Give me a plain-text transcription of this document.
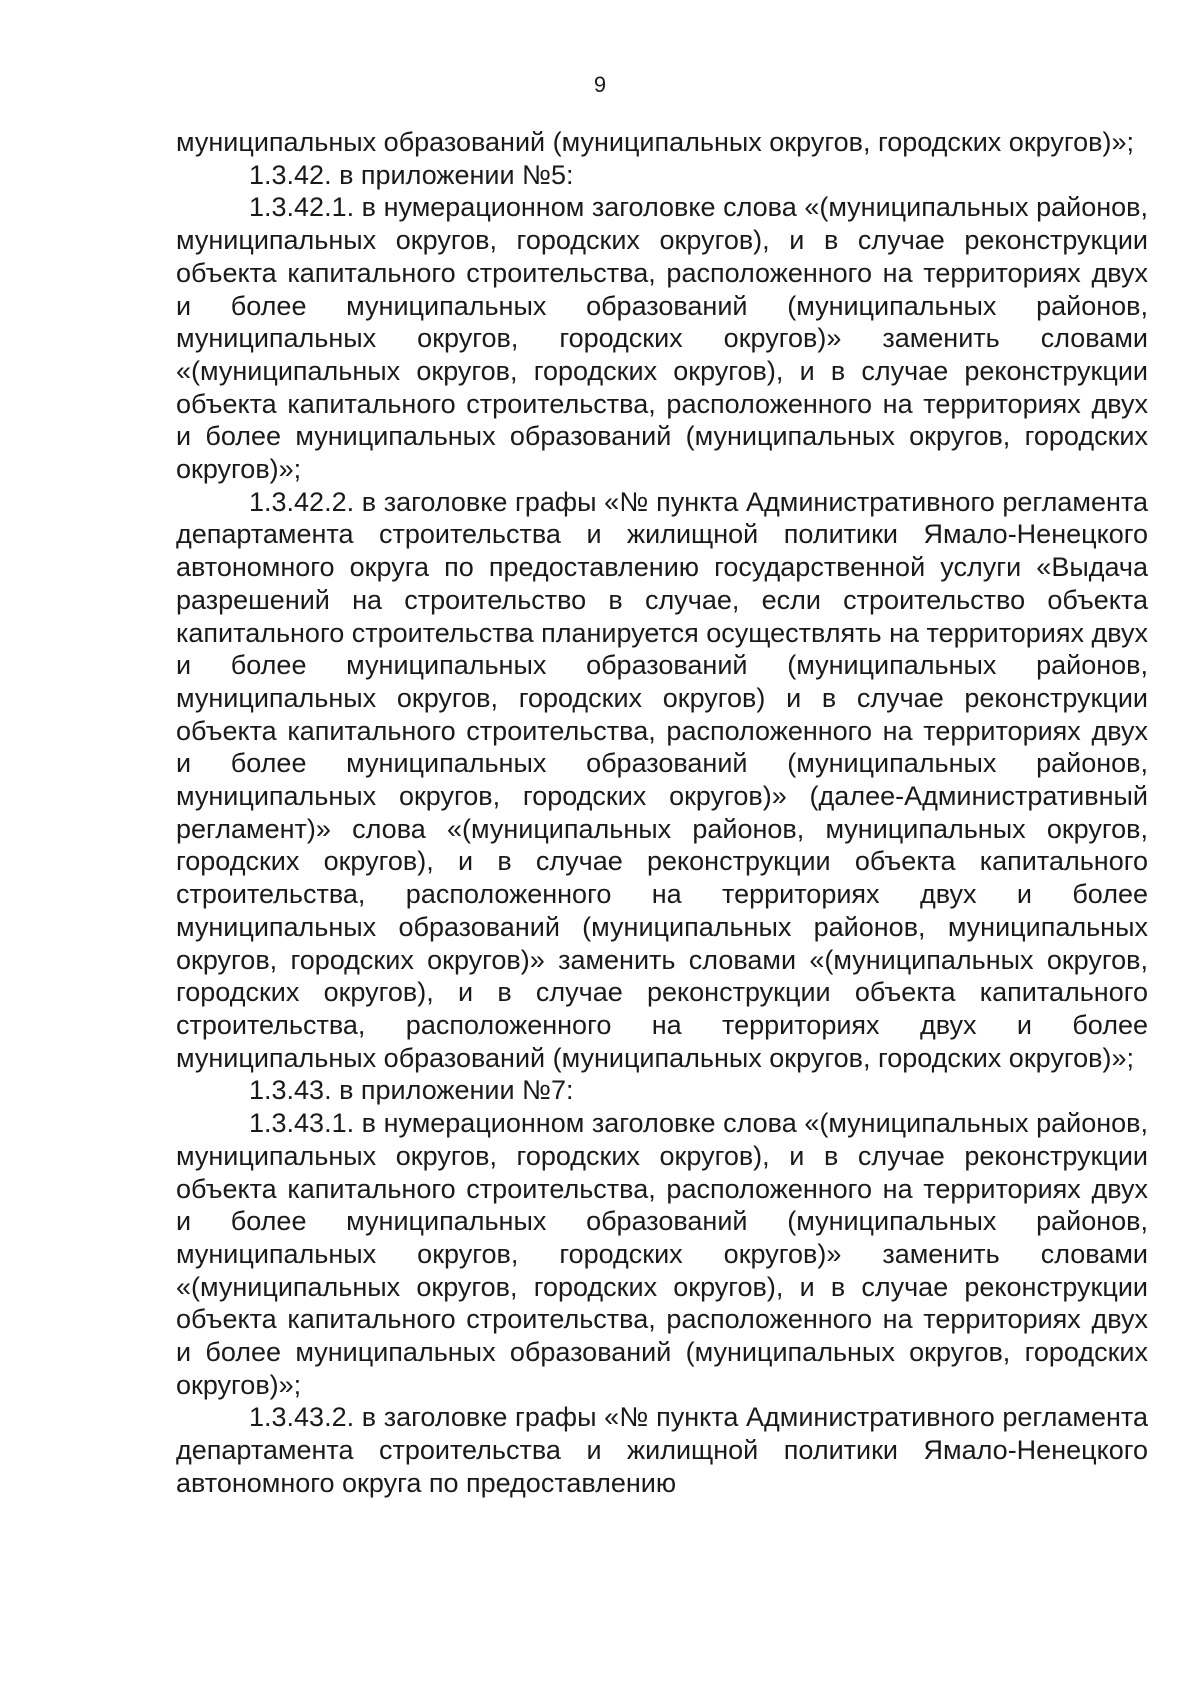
9

муниципальных образований (муниципальных округов, городских округов)»;

1.3.42. в приложении №5:

1.3.42.1. в нумерационном заголовке слова «(муниципальных районов, муниципальных округов, городских округов), и в случае реконструкции объекта капитального строительства, расположенного на территориях двух и более муниципальных образований (муниципальных районов, муниципальных округов, городских округов)» заменить словами «(муниципальных округов, городских округов), и в случае реконструкции объекта капитального строительства, расположенного на территориях двух и более муниципальных образований (муниципальных округов, городских округов)»;

1.3.42.2. в заголовке графы «№ пункта Административного регламента департамента строительства и жилищной политики Ямало-Ненецкого автономного округа по предоставлению государственной услуги «Выдача разрешений на строительство в случае, если строительство объекта капитального строительства планируется осуществлять на территориях двух и более муниципальных образований (муниципальных районов, муниципальных округов, городских округов) и в случае реконструкции объекта капитального строительства, расположенного на территориях двух и более муниципальных образований (муниципальных районов, муниципальных округов, городских округов)» (далее-Административный регламент)» слова «(муниципальных районов, муниципальных округов, городских округов), и в случае реконструкции объекта капитального строительства, расположенного на территориях двух и более муниципальных образований (муниципальных районов, муниципальных округов, городских округов)» заменить словами «(муниципальных округов, городских округов), и в случае реконструкции объекта капитального строительства, расположенного на территориях двух и более муниципальных образований (муниципальных округов, городских округов)»;

1.3.43. в приложении №7:

1.3.43.1. в нумерационном заголовке слова «(муниципальных районов, муниципальных округов, городских округов), и в случае реконструкции объекта капитального строительства, расположенного на территориях двух и более муниципальных образований (муниципальных районов, муниципальных округов, городских округов)» заменить словами «(муниципальных округов, городских округов), и в случае реконструкции объекта капитального строительства, расположенного на территориях двух и более муниципальных образований (муниципальных округов, городских округов)»;

1.3.43.2. в заголовке графы «№ пункта Административного регламента департамента строительства и жилищной политики Ямало-Ненецкого автономного округа по предоставлению
